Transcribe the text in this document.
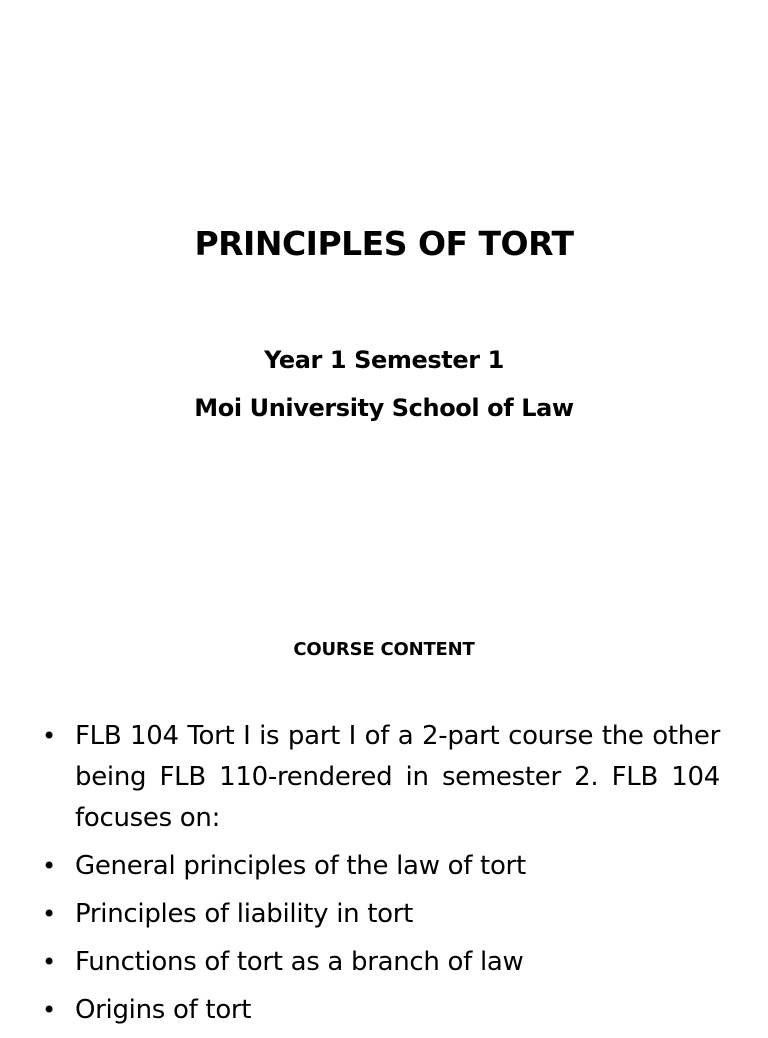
PRINCIPLES OF TORT
Year 1 Semester 1
Moi University School of Law
COURSE CONTENT
• FLB 104 Tort I is part I of a 2-part course the other being FLB 110-rendered in semester 2. FLB 104 focuses on:
• General principles of the law of tort
• Principles of liability in tort
• Functions of tort as a branch of law
• Origins of tort
